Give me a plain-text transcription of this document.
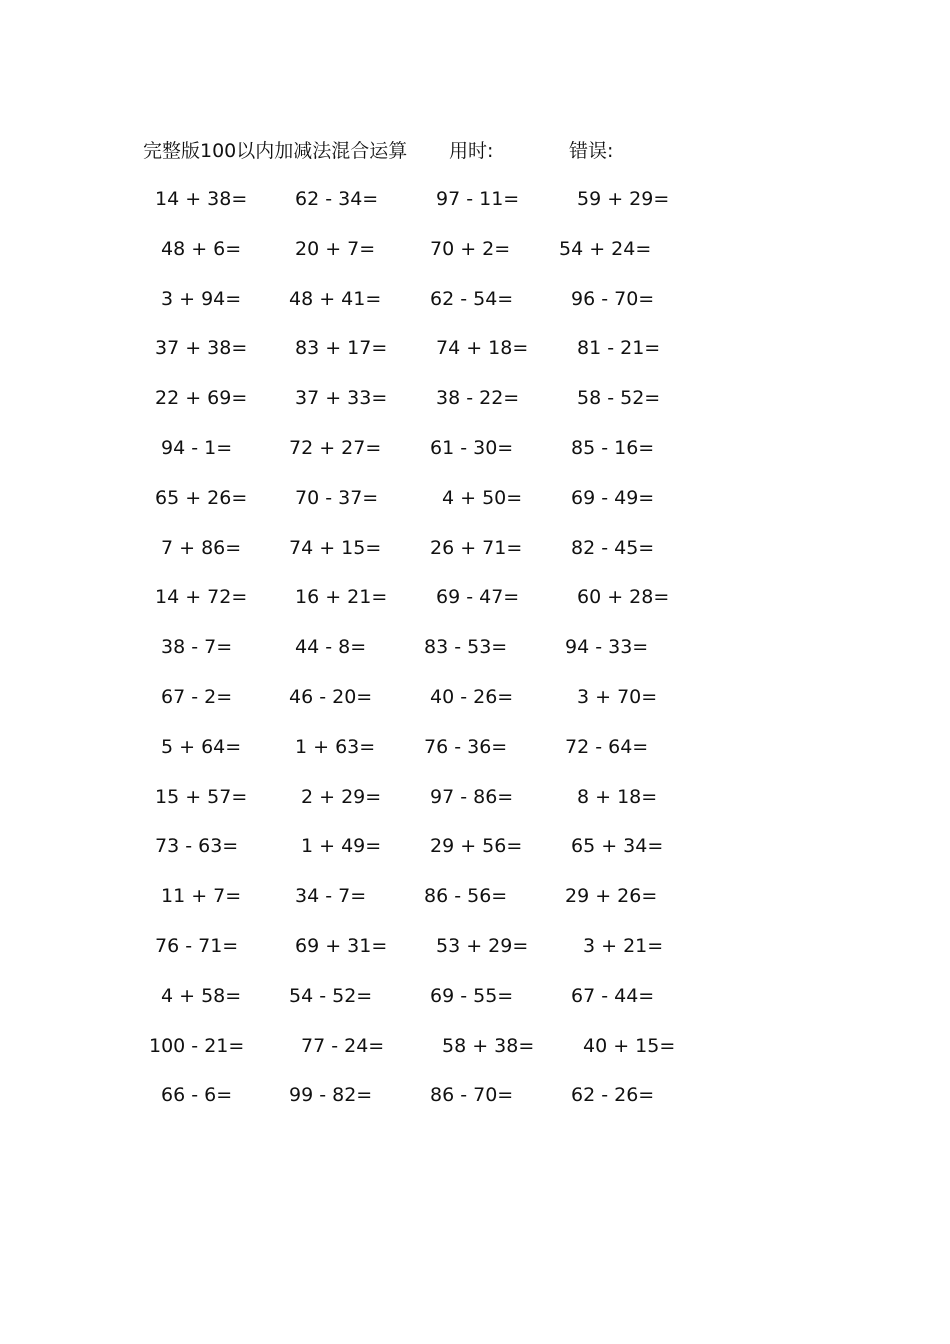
完整版100以内加减法混合运算 用时:	错误:
14 + 38=	62 - 34=	97 - 11=	59 + 29=
48 + 6=	20 + 7=	70 + 2=	54 + 24=
3 + 94=	48 + 41=	62 - 54=	96 - 70=
37 + 38=	83 + 17=	74 + 18=	81 - 21=
22 + 69=	37 + 33=	38 - 22=	58 - 52=
94 - 1=	72 + 27=	61 - 30=	85 - 16=
65 + 26=	70 - 37=	4 + 50=	69 - 49=
7 + 86=	74 + 15=	26 + 71=	82 - 45=
14 + 72=	16 + 21=	69 - 47=	60 + 28=
38 - 7=	44 - 8=	83 - 53=	94 - 33=
67 - 2=	46 - 20=	40 - 26=	3 + 70=
5 + 64=	1 + 63=	76 - 36=	72 - 64=
15 + 57=	2 + 29=	97 - 86=	8 + 18=
73 - 63=	1 + 49=	29 + 56=	65 + 34=
11 + 7=	34 - 7=	86 - 56=	29 + 26=
76 - 71=	69 + 31=	53 + 29=	3 + 21=
4 + 58=	54 - 52=	69 - 55=	67 - 44=
100 - 21=	77 - 24=	58 + 38=	40 + 15=
66 - 6=	99 - 82=	86 - 70=	62 - 26=
